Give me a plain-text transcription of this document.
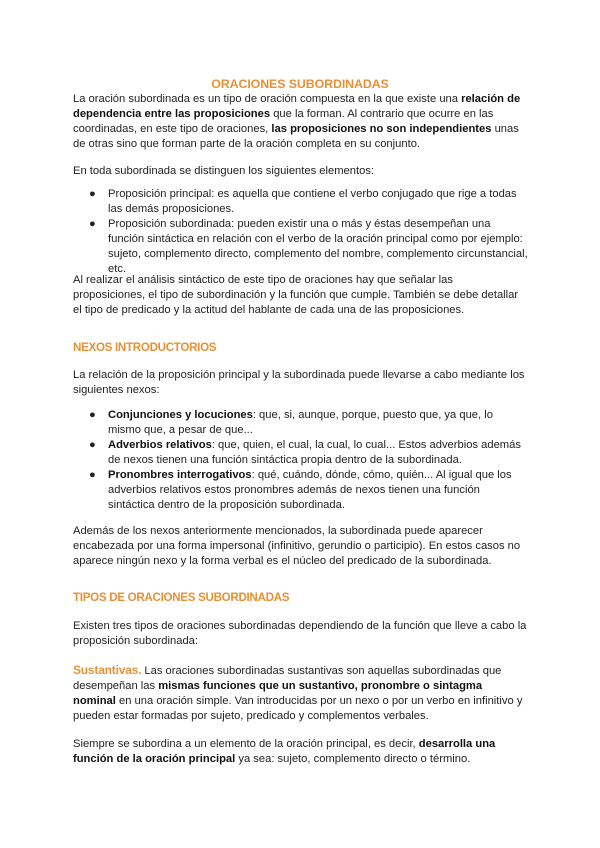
ORACIONES SUBORDINADAS

La oración subordinada es un tipo de oración compuesta en la que existe una relación de dependencia entre las proposiciones que la forman. Al contrario que ocurre en las coordinadas, en este tipo de oraciones, las proposiciones no son independientes unas de otras sino que forman parte de la oración completa en su conjunto.

En toda subordinada se distinguen los siguientes elementos:

● Proposición principal: es aquella que contiene el verbo conjugado que rige a todas las demás proposiciones.
● Proposición subordinada: pueden existir una o más y éstas desempeñan una función sintáctica en relación con el verbo de la oración principal como por ejemplo: sujeto, complemento directo, complemento del nombre, complemento circunstancial, etc.

Al realizar el análisis sintáctico de este tipo de oraciones hay que señalar las proposiciones, el tipo de subordinación y la función que cumple. También se debe detallar el tipo de predicado y la actitud del hablante de cada una de las proposiciones.

NEXOS INTRODUCTORIOS

La relación de la proposición principal y la subordinada puede llevarse a cabo mediante los siguientes nexos:

● Conjunciones y locuciones: que, si, aunque, porque, puesto que, ya que, lo mismo que, a pesar de que...
● Adverbios relativos: que, quien, el cual, la cual, lo cual... Estos adverbios además de nexos tienen una función sintáctica propia dentro de la subordinada.
● Pronombres interrogativos: qué, cuándo, dónde, cómo, quién... Al igual que los adverbios relativos estos pronombres además de nexos tienen una función sintáctica dentro de la proposición subordinada.

Además de los nexos anteriormente mencionados, la subordinada puede aparecer encabezada por una forma impersonal (infinitivo, gerundio o participio). En estos casos no aparece ningún nexo y la forma verbal es el núcleo del predicado de la subordinada.

TIPOS DE ORACIONES SUBORDINADAS

Existen tres tipos de oraciones subordinadas dependiendo de la función que lleve a cabo la proposición subordinada:

Sustantivas. Las oraciones subordinadas sustantivas son aquellas subordinadas que desempeñan las mismas funciones que un sustantivo, pronombre o sintagma nominal en una oración simple. Van introducidas por un nexo o por un verbo en infinitivo y pueden estar formadas por sujeto, predicado y complementos verbales.

Siempre se subordina a un elemento de la oración principal, es decir, desarrolla una función de la oración principal ya sea: sujeto, complemento directo o término.
